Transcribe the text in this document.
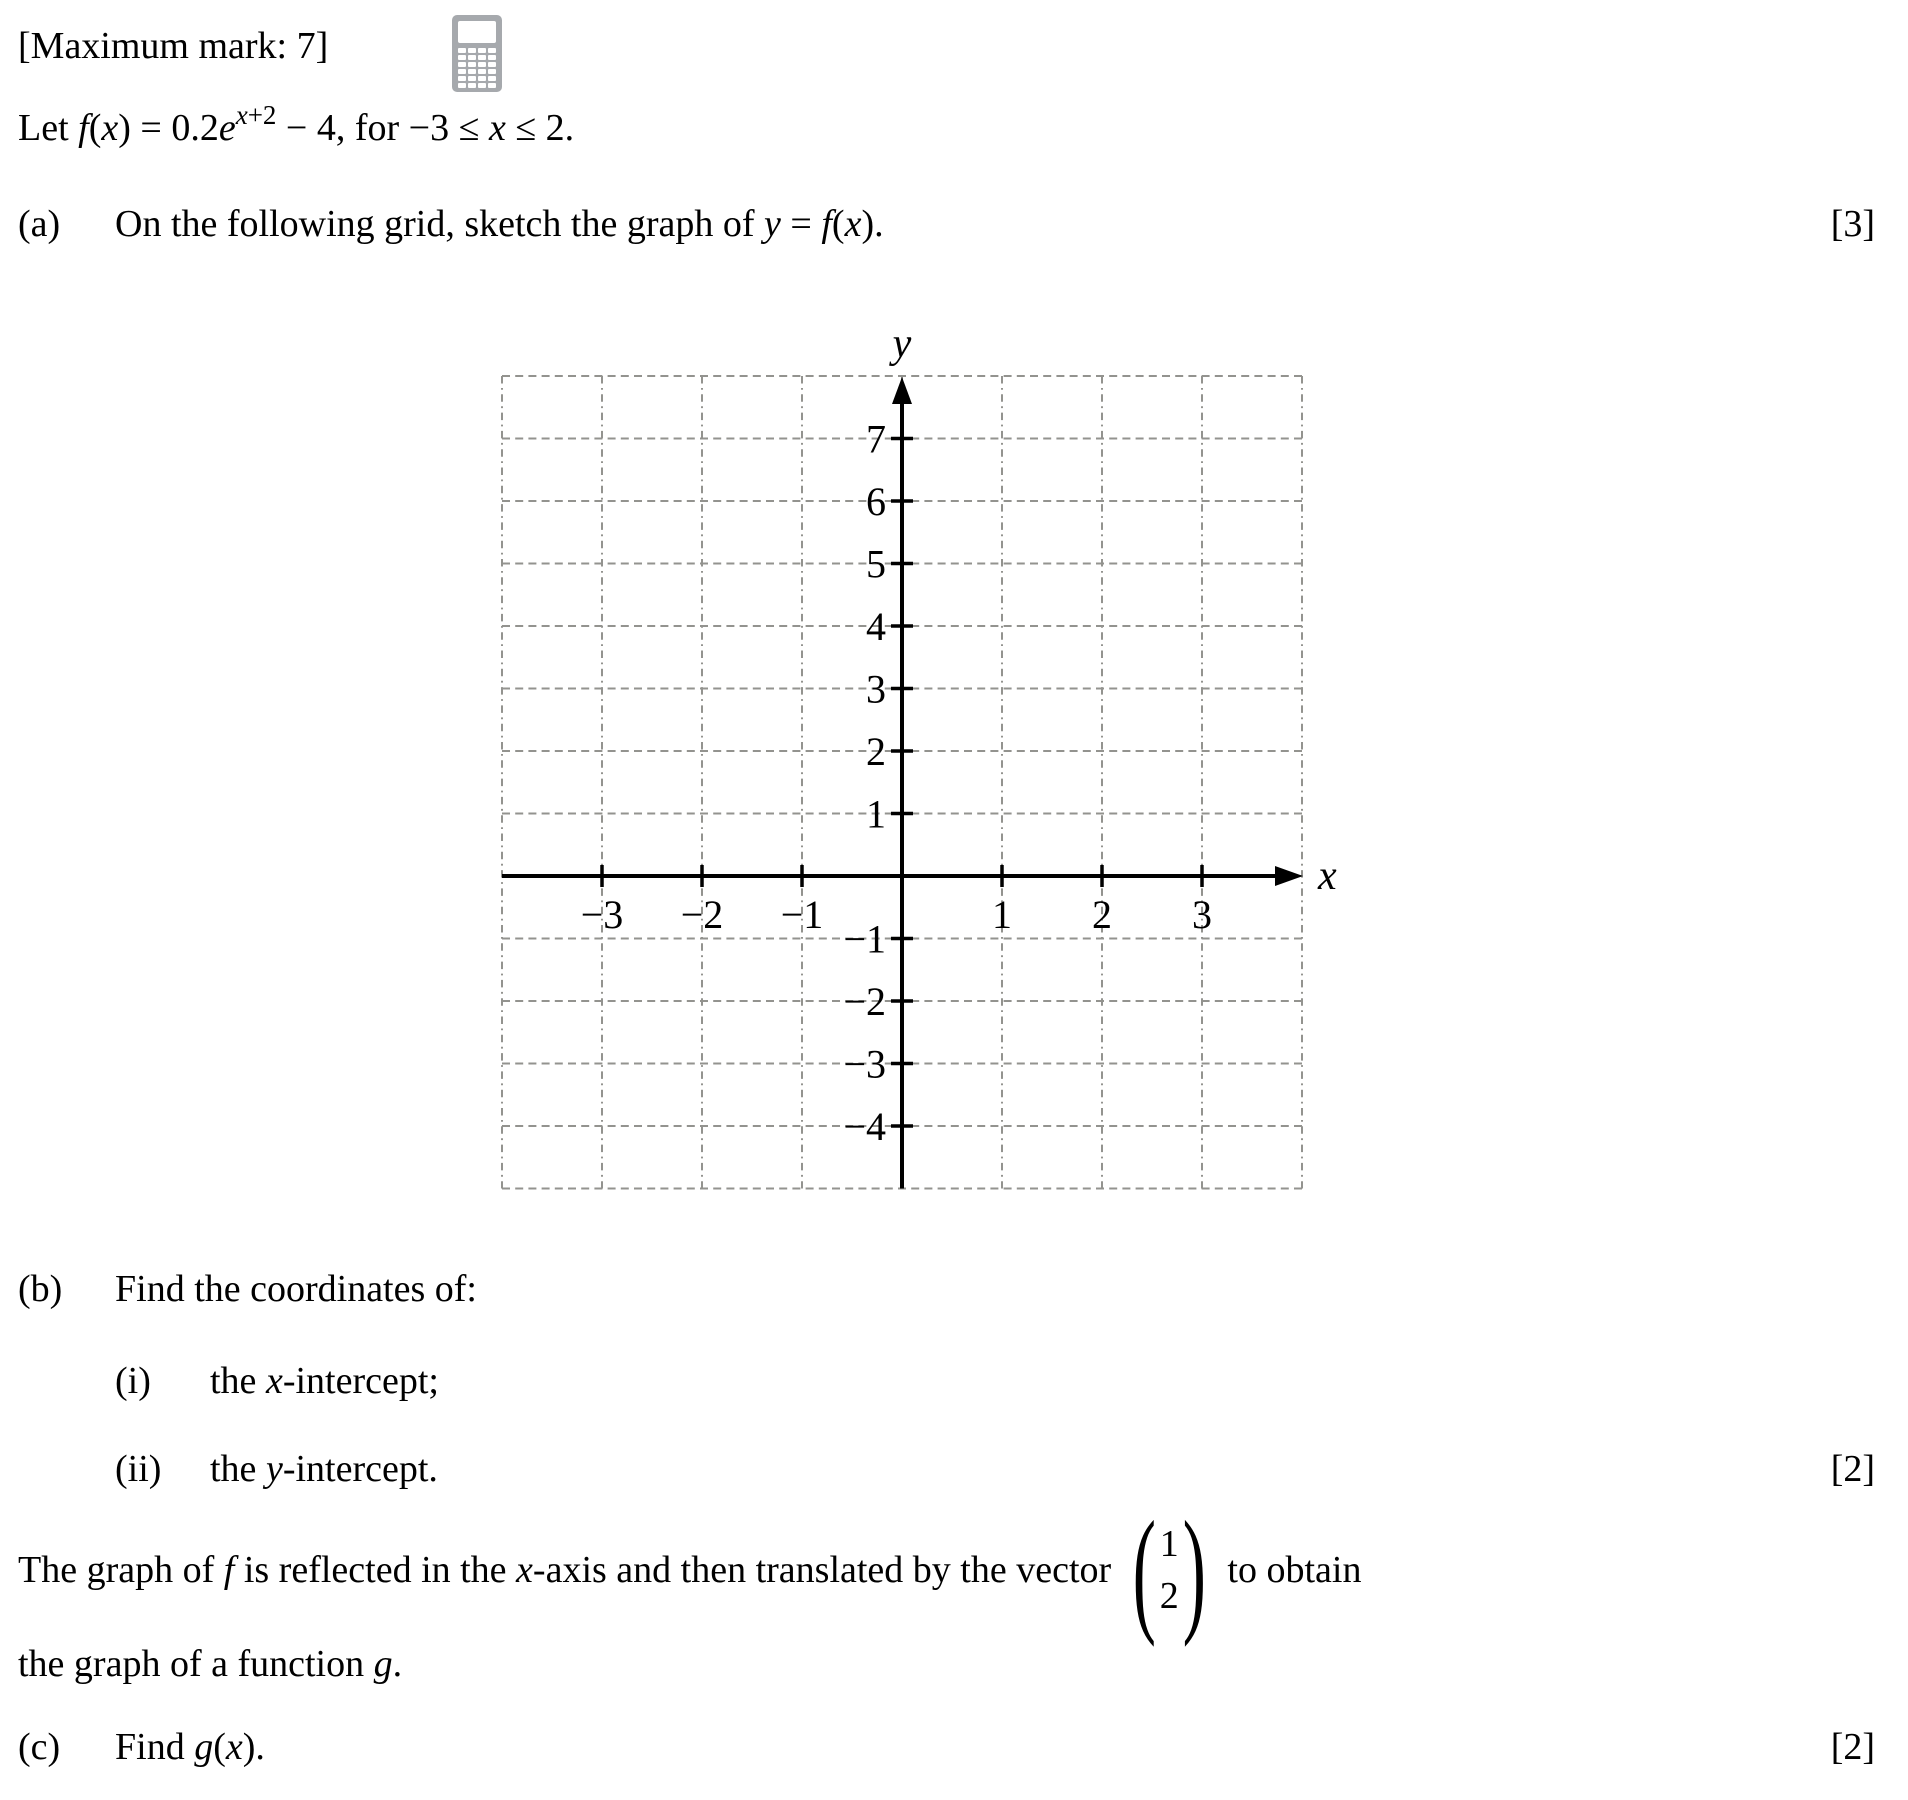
[Maximum mark: 7]
Let $f(x) = 0.2e^{x+2} - 4$, for −3 ≤ x ≤ 2.
(a) On the following grid, sketch the graph of y = f(x).	[3]
−3 −2 −1	1 2 3
7
6
5
4
3
2
1
−1
−2
−3
−4
x
y
(b) Find the coordinates of:
(i) the x-intercept;
(ii) the y-intercept.	[2]
The graph of f is reflected in the x-axis and then translated by the vector ( 1
2 ) to obtain
the graph of a function g.
(c) Find g(x).	[2]
